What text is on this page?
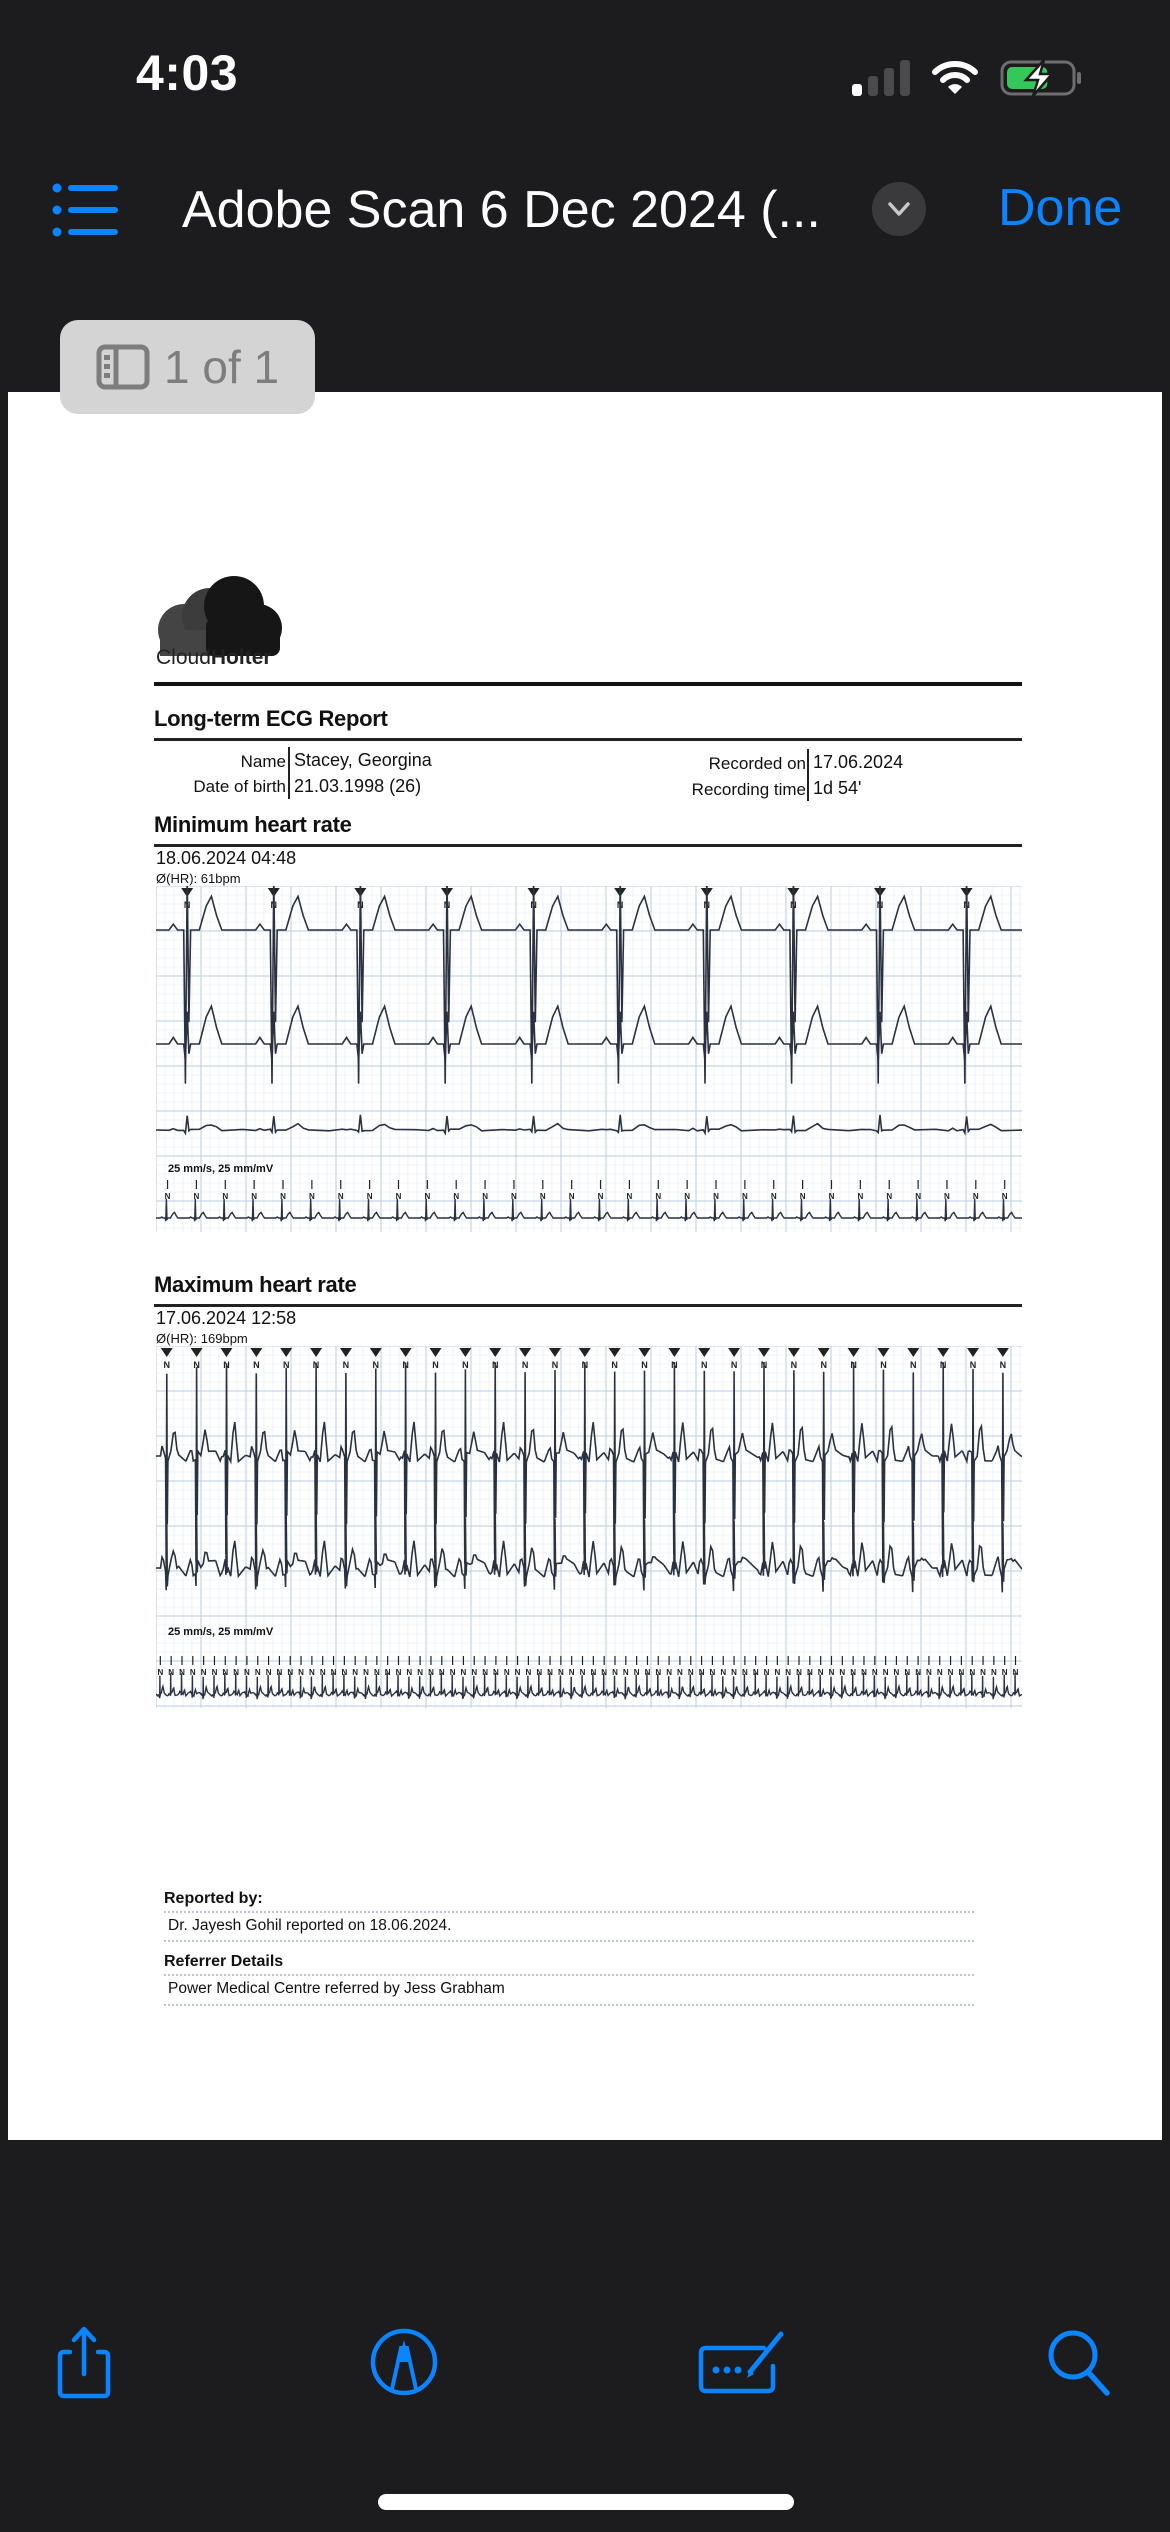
4:03
Adobe Scan 6 Dec 2024 (...	Done
1 of 1
CloudHolter
Long-term ECG Report
Name Stacey, Georgina
Date of birth 21.03.1998 (26)
Recorded on 17.06.2024
Recording time 1d 54'
Minimum heart rate
18.06.2024 04:48
Ø(HR): 61bpm
N	N	N	N	N	N	N	N	N	N
N	N	N	N	N	N	N	N	N	N	N	N	N	N	N	N	N	N	N	N	N	N	N	N	N	N	N	N	N	N
25 mm/s, 25 mm/mV
Maximum heart rate
17.06.2024 12:58
Ø(HR): 169bpm
N	N	N	N	N	N	N	N	N	N	N	N	N	N	N	N	N	N	N	N	N	N	N	N	N	N	N	N	N
N N N N N N N N N N N N N N N N N N N N N N N N N N N N N N N N N N N N N N N N N N N N N N N N N N N N N N N N N N N N N N N N N N N N N N N N N N N N N N N N
25 mm/s, 25 mm/mV
Reported by:
Dr. Jayesh Gohil reported on 18.06.2024.
Referrer Details
Power Medical Centre referred by Jess Grabham
